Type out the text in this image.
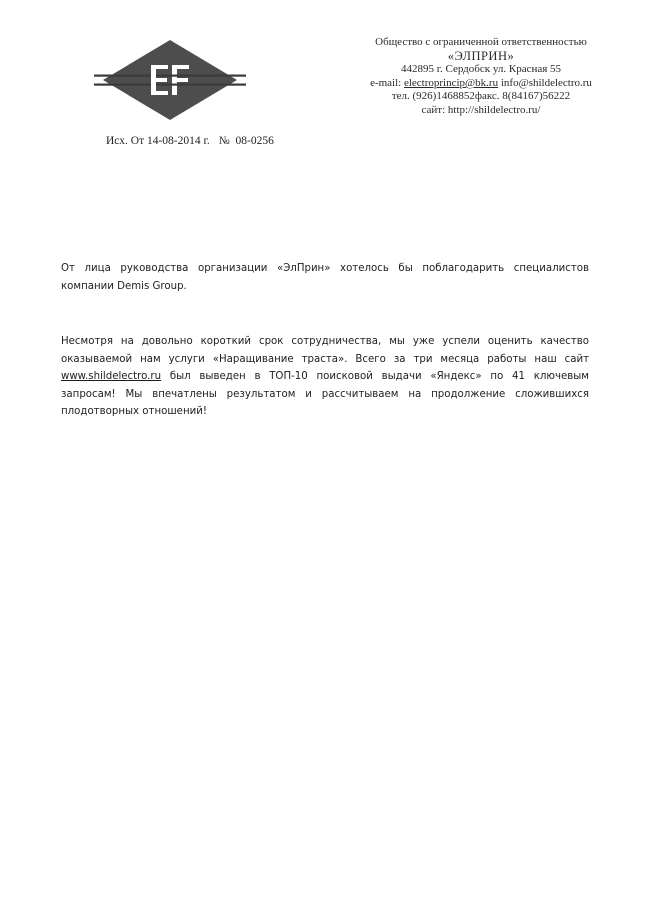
Общество с ограниченной ответственностью
«ЭЛПРИН»
442895 г. Сердобск ул. Красная 55
e-mail: electroprincip@bk.ru info@shildelectro.ru
тел. (926)1468852факс. 8(84167)56222
сайт: http://shildelectro.ru/
Исх. От 14-08-2014 г. № 08-0256

От лица руководства организации «ЭлПрин» хотелось бы поблагодарить специалистов компании Demis Group.

Несмотря на довольно короткий срок сотрудничества, мы уже успели оценить качество оказываемой нам услуги «Наращивание траста». Всего за три месяца работы наш сайт www.shildelectro.ru был выведен в ТОП-10 поисковой выдачи «Яндекс» по 41 ключевым запросам! Мы впечатлены результатом и рассчитываем на продолжение сложившихся плодотворных отношений!
